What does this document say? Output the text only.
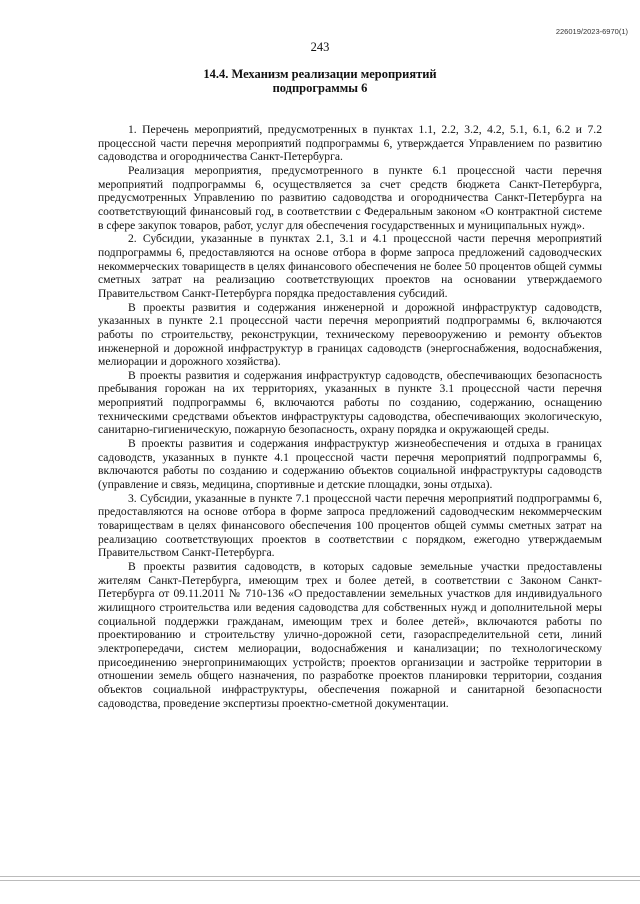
226019/2023-6970(1)
243
14.4. Механизм реализации мероприятий
подпрограммы 6

1. Перечень мероприятий, предусмотренных в пунктах 1.1, 2.2, 3.2, 4.2, 5.1, 6.1, 6.2 и 7.2 процессной части перечня мероприятий подпрограммы 6, утверждается Управлением по развитию садоводства и огородничества Санкт-Петербурга.

Реализация мероприятия, предусмотренного в пункте 6.1 процессной части перечня мероприятий подпрограммы 6, осуществляется за счет средств бюджета Санкт-Петербурга, предусмотренных Управлению по развитию садоводства и огородничества Санкт-Петербурга на соответствующий финансовый год, в соответствии с Федеральным законом «О контрактной системе в сфере закупок товаров, работ, услуг для обеспечения государственных и муниципальных нужд».

2. Субсидии, указанные в пунктах 2.1, 3.1 и 4.1 процессной части перечня мероприятий подпрограммы 6, предоставляются на основе отбора в форме запроса предложений садоводческих некоммерческих товариществ в целях финансового обеспечения не более 50 процентов общей суммы сметных затрат на реализацию соответствующих проектов на основании утверждаемого Правительством Санкт-Петербурга порядка предоставления субсидий.

В проекты развития и содержания инженерной и дорожной инфраструктур садоводств, указанных в пункте 2.1 процессной части перечня мероприятий подпрограммы 6, включаются работы по строительству, реконструкции, техническому перевооружению и ремонту объектов инженерной и дорожной инфраструктур в границах садоводств (энергоснабжения, водоснабжения, мелиорации и дорожного хозяйства).

В проекты развития и содержания инфраструктур садоводств, обеспечивающих безопасность пребывания горожан на их территориях, указанных в пункте 3.1 процессной части перечня мероприятий подпрограммы 6, включаются работы по созданию, содержанию, оснащению техническими средствами объектов инфраструктуры садоводства, обеспечивающих экологическую, санитарно-гигиеническую, пожарную безопасность, охрану порядка и окружающей среды.

В проекты развития и содержания инфраструктур жизнеобеспечения и отдыха в границах садоводств, указанных в пункте 4.1 процессной части перечня мероприятий подпрограммы 6, включаются работы по созданию и содержанию объектов социальной инфраструктуры садоводств (управление и связь, медицина, спортивные и детские площадки, зоны отдыха).

3. Субсидии, указанные в пункте 7.1 процессной части перечня мероприятий подпрограммы 6, предоставляются на основе отбора в форме запроса предложений садоводческим некоммерческим товариществам в целях финансового обеспечения 100 процентов общей суммы сметных затрат на реализацию соответствующих проектов в соответствии с порядком, ежегодно утверждаемым Правительством Санкт-Петербурга.

В проекты развития садоводств, в которых садовые земельные участки предоставлены жителям Санкт-Петербурга, имеющим трех и более детей, в соответствии с Законом Санкт-Петербурга от 09.11.2011 № 710-136 «О предоставлении земельных участков для индивидуального жилищного строительства или ведения садоводства для собственных нужд и дополнительной меры социальной поддержки гражданам, имеющим трех и более детей», включаются работы по проектированию и строительству улично-дорожной сети, газораспределительной сети, линий электропередачи, систем мелиорации, водоснабжения и канализации; по технологическому присоединению энергопринимающих устройств; проектов организации и застройке территории в отношении земель общего назначения, по разработке проектов планировки территории, создания объектов социальной инфраструктуры, обеспечения пожарной и санитарной безопасности садоводства, проведение экспертизы проектно-сметной документации.
